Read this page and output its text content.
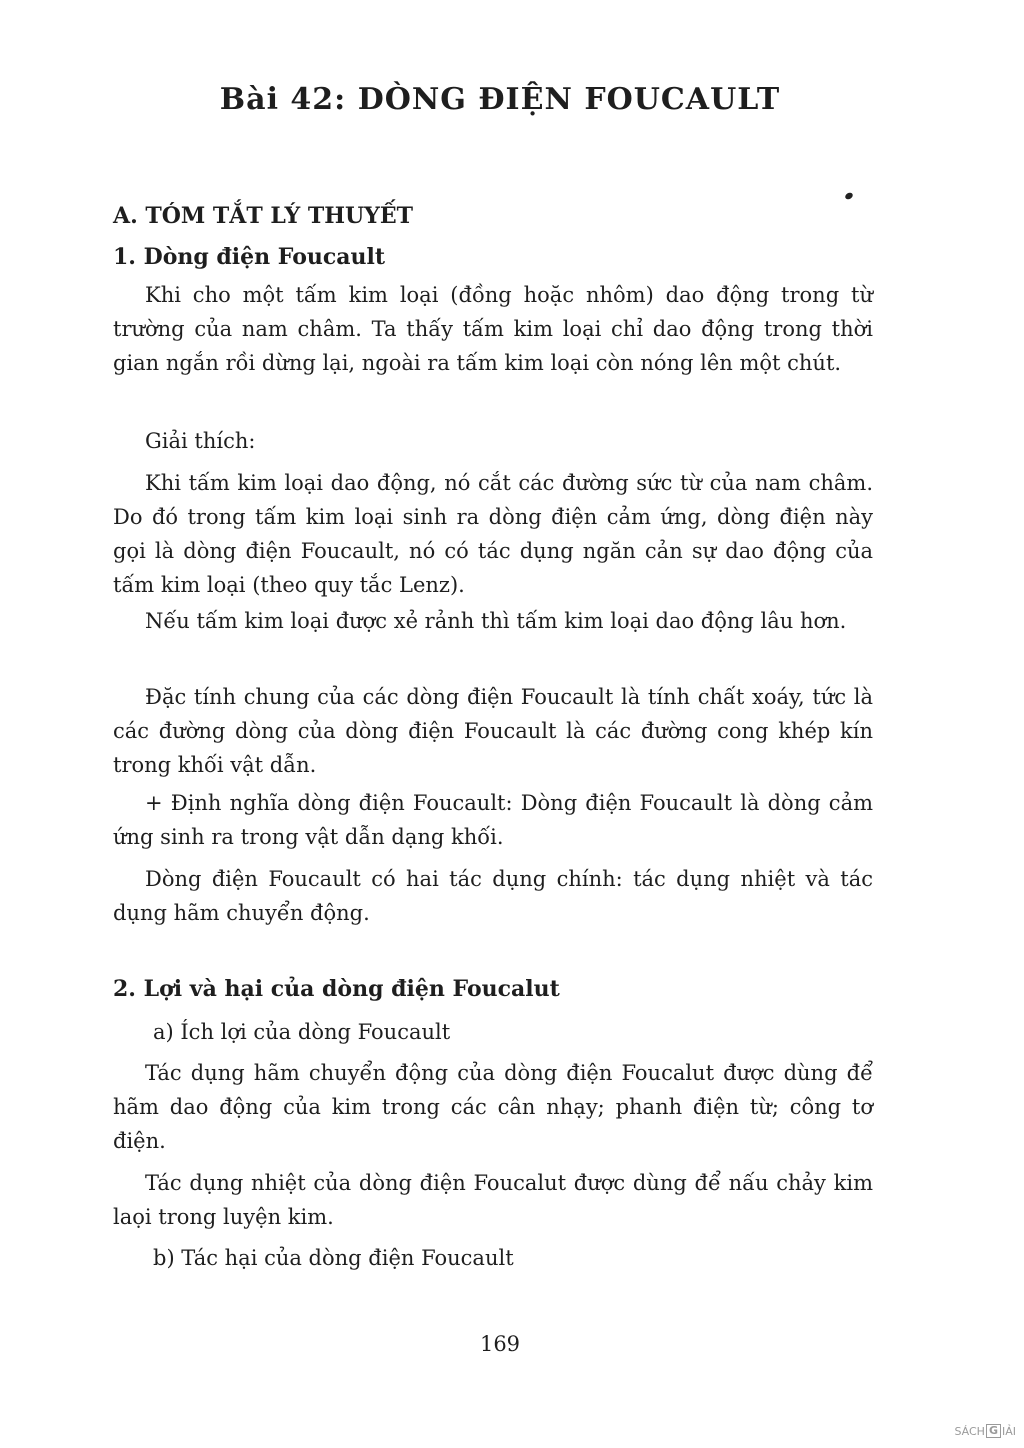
Bài 42: DÒNG ĐIỆN FOUCAULT
A. TÓM TẮT LÝ THUYẾT
1. Dòng điện Foucault

Khi cho một tấm kim loại (đồng hoặc nhôm) dao động trong từ trường của nam châm. Ta thấy tấm kim loại chỉ dao động trong thời gian ngắn rồi dừng lại, ngoài ra tấm kim loại còn nóng lên một chút.

Giải thích:

Khi tấm kim loại dao động, nó cắt các đường sức từ của nam châm. Do đó trong tấm kim loại sinh ra dòng điện cảm ứng, dòng điện này gọi là dòng điện Foucault, nó có tác dụng ngăn cản sự dao động của tấm kim loại (theo quy tắc Lenz).

Nếu tấm kim loại được xẻ rảnh thì tấm kim loại dao động lâu hơn.

Đặc tính chung của các dòng điện Foucault là tính chất xoáy, tức là các đường dòng của dòng điện Foucault là các đường cong khép kín trong khối vật dẫn.

+ Định nghĩa dòng điện Foucault: Dòng điện Foucault là dòng cảm ứng sinh ra trong vật dẫn dạng khối.

Dòng điện Foucault có hai tác dụng chính: tác dụng nhiệt và tác dụng hãm chuyển động.

2. Lợi và hại của dòng điện Foucalut

a) Ích lợi của dòng Foucault

Tác dụng hãm chuyển động của dòng điện Foucalut được dùng để hãm dao động của kim trong các cân nhạy; phanh điện từ; công tơ điện.

Tác dụng nhiệt của dòng điện Foucalut được dùng để nấu chảy kim laọi trong luyện kim.

b) Tác hại của dòng điện Foucault

169

SÁCH G IẢI
